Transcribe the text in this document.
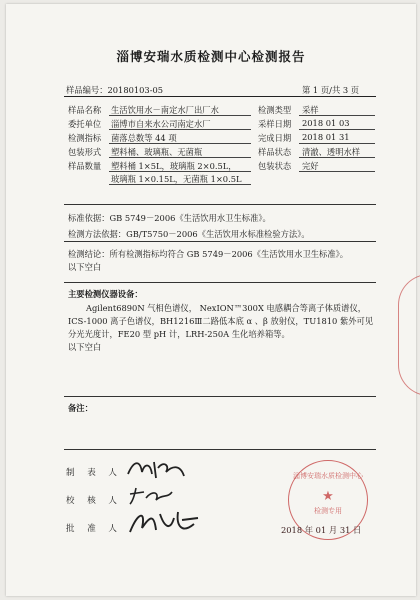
淄博安瑞水质检测中心检测报告
样品编号：20180103-05	第 1 页/共 3 页
样品名称 生活饮用水－南定水厂出厂水
委托单位 淄博市自来水公司南定水厂
检测指标 菌落总数等 44 项
包装形式 塑料桶、玻璃瓶、无菌瓶
样品数量 塑料桶 1×5L，玻璃瓶 2×0.5L，
玻璃瓶 1×0.15L，无菌瓶 1×0.5L
检测类型 采样
采样日期 2018 01 03
完成日期 2018 01 31
样品状态 清澈、透明水样
包装状态 完好
标准依据：GB 5749－2006《生活饮用水卫生标准》。
检测方法依据：GB/T5750－2006《生活饮用水标准检验方法》。
检测结论：所有检测指标均符合 GB 5749－2006《生活饮用水卫生标准》。
以下空白
主要检测仪器设备：
Agilent6890N 气相色谱仪， NexION™300X 电感耦合等离子体质谱仪，
ICS-1000 离子色谱仪，BH1216Ⅲ二路低本底 α 、β 放射仪，TU1810 紫外可见
分光光度计，FE20 型 pH 计，LRH-250A 生化培养箱等。
以下空白
备注：
制 表 人
校 核 人
批 准 人
淄博安瑞水质检测中心
★
检测专用
2018 年 01 月 31 日
